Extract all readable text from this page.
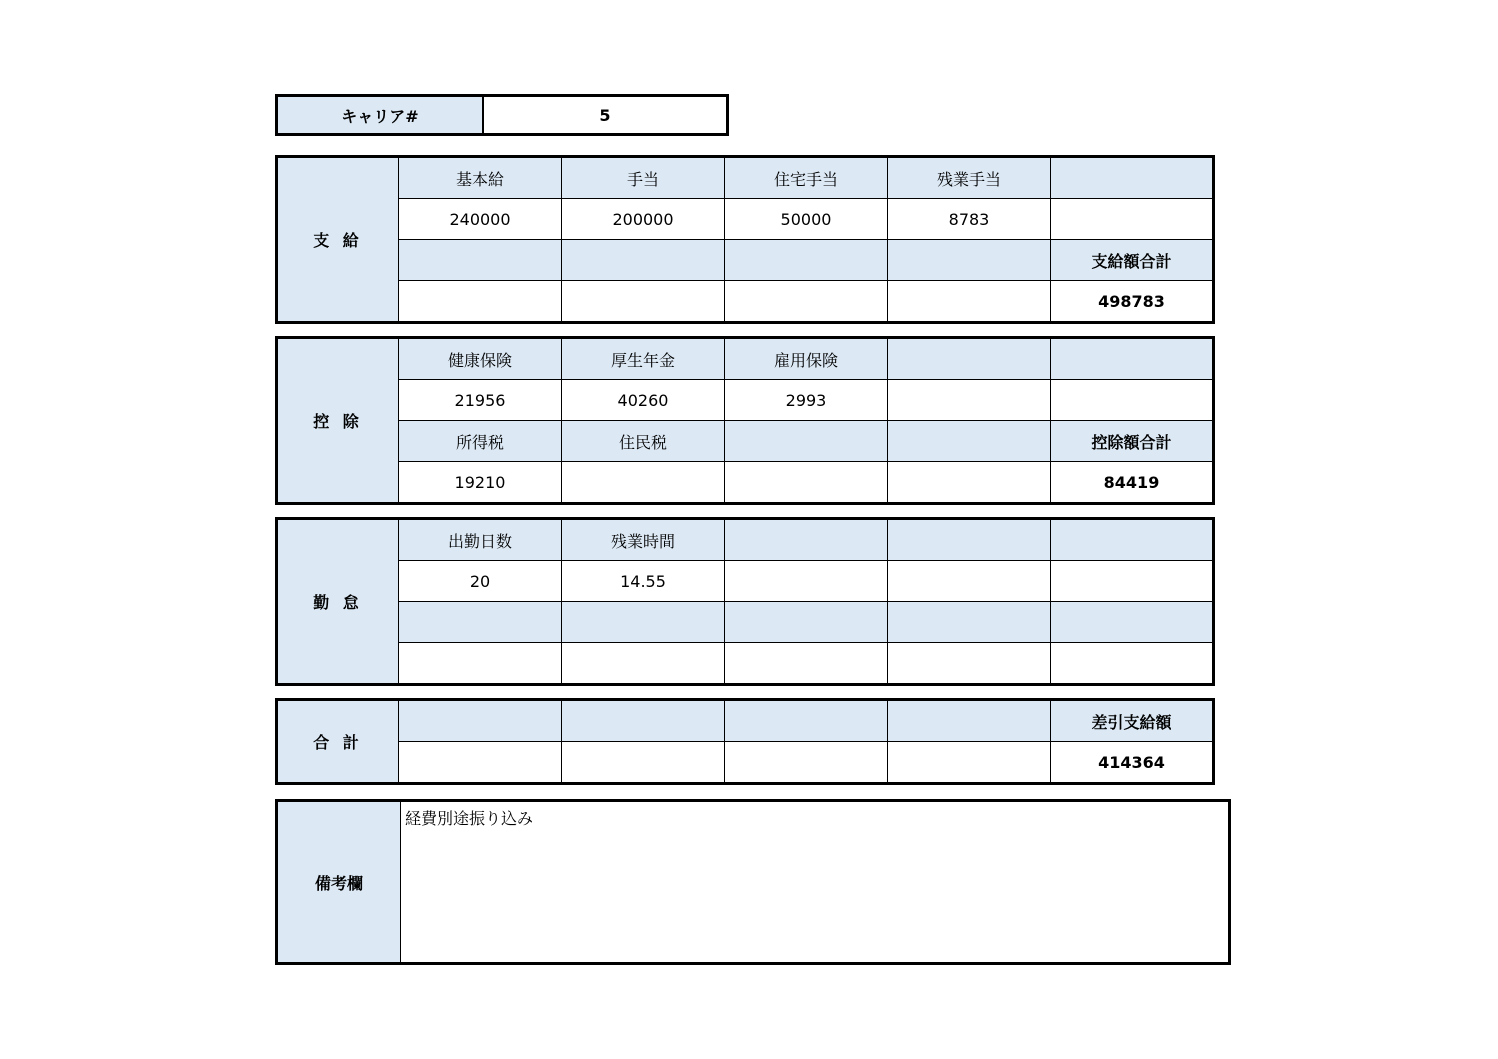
キャリア#	5
支 給	基本給	手当	住宅手当	残業手当	
	240000	200000	50000	8783	
					支給額合計
					498783
控 除	健康保険	厚生年金	雇用保険		
	21956	40260	2993		
	所得税	住民税			控除額合計
	19210				84419
勤 怠	出勤日数	残業時間			
	20	14.55			

合 計					差引支給額
					414364
備考欄	経費別途振り込み
